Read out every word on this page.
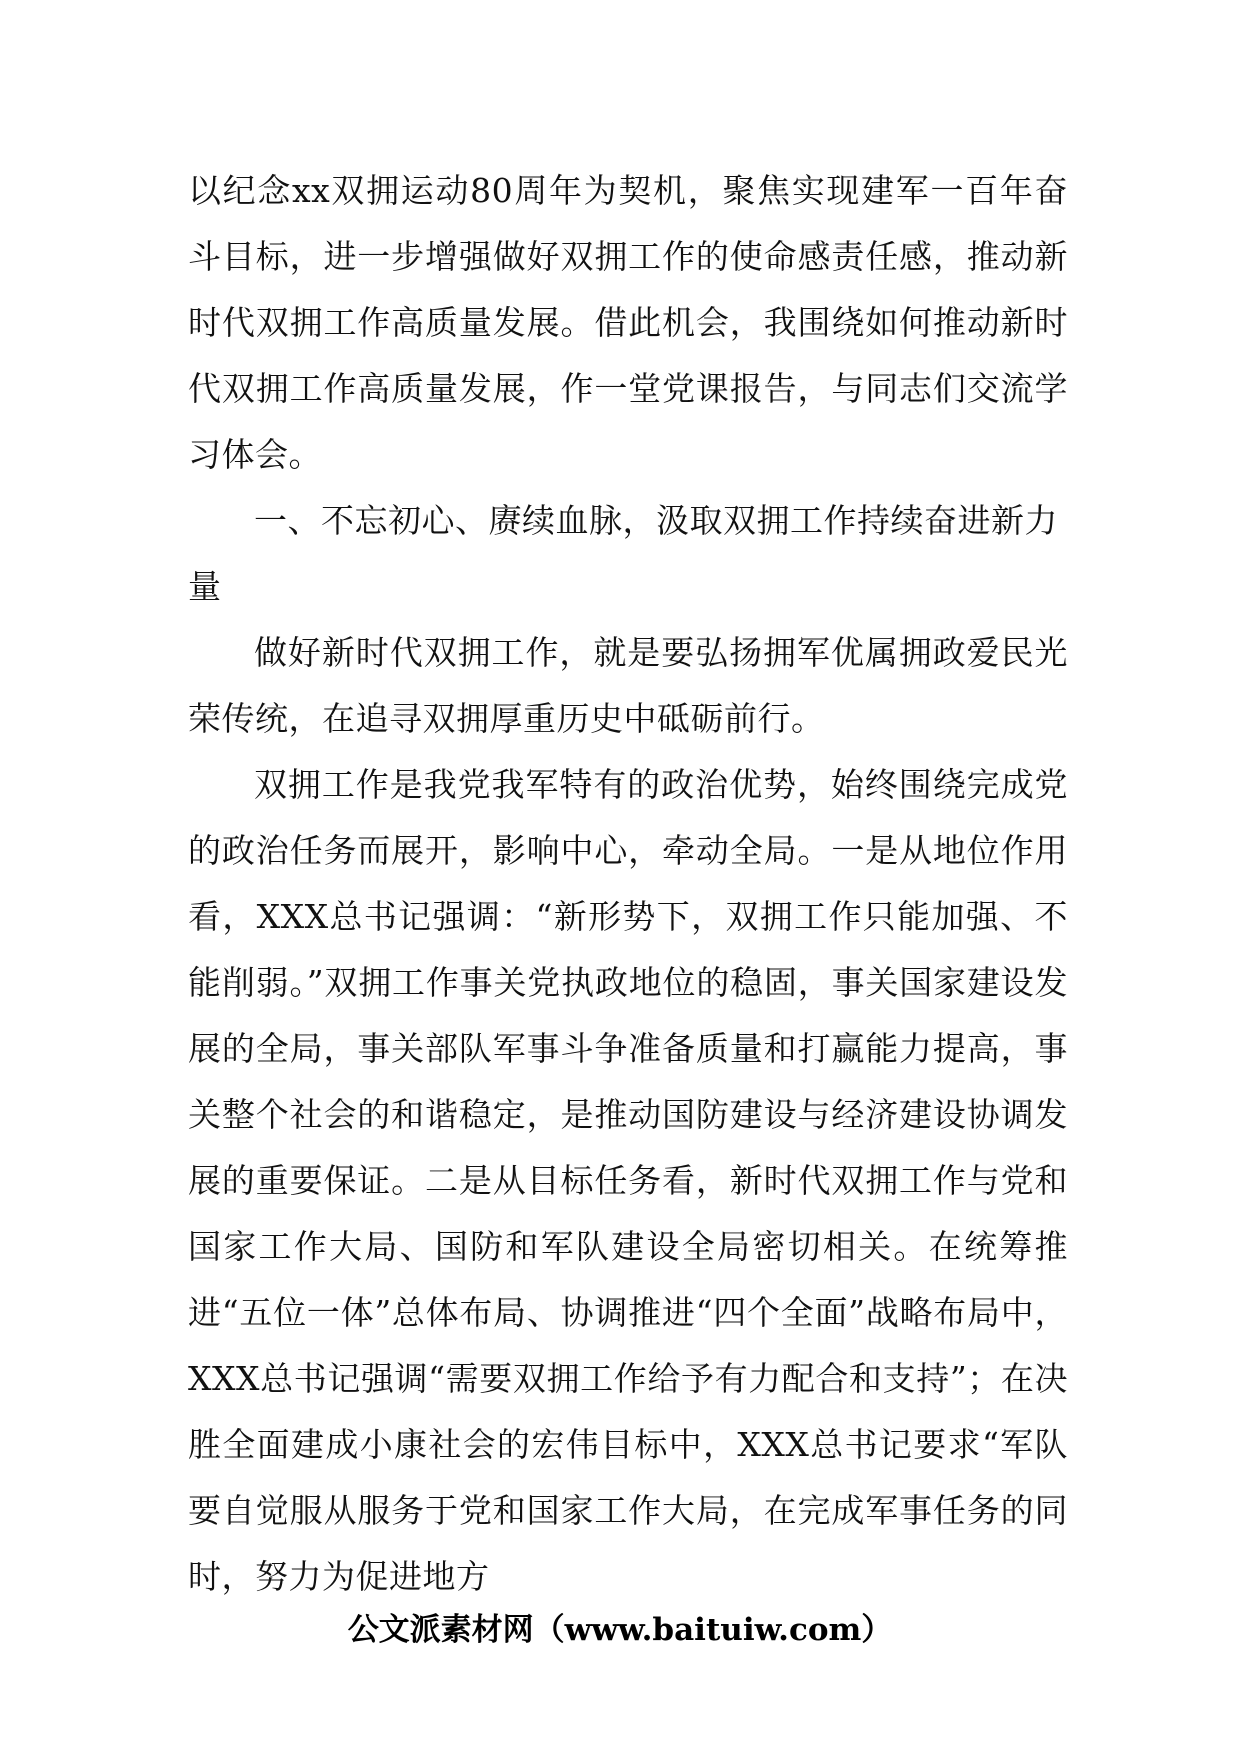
以纪念xx双拥运动80周年为契机，聚焦实现建军一百年奋斗目标，进一步增强做好双拥工作的使命感责任感，推动新时代双拥工作高质量发展。借此机会，我围绕如何推动新时代双拥工作高质量发展，作一堂党课报告，与同志们交流学习体会。

一、不忘初心、赓续血脉，汲取双拥工作持续奋进新力量

做好新时代双拥工作，就是要弘扬拥军优属拥政爱民光荣传统，在追寻双拥厚重历史中砥砺前行。

双拥工作是我党我军特有的政治优势，始终围绕完成党的政治任务而展开，影响中心，牵动全局。一是从地位作用看，XXX总书记强调：“新形势下，双拥工作只能加强、不能削弱。”双拥工作事关党执政地位的稳固，事关国家建设发展的全局，事关部队军事斗争准备质量和打赢能力提高，事关整个社会的和谐稳定，是推动国防建设与经济建设协调发展的重要保证。二是从目标任务看，新时代双拥工作与党和国家工作大局、国防和军队建设全局密切相关。在统筹推进“五位一体”总体布局、协调推进“四个全面”战略布局中，XXX总书记强调“需要双拥工作给予有力配合和支持”；在决胜全面建成小康社会的宏伟目标中，XXX总书记要求“军队要自觉服从服务于党和国家工作大局，在完成军事任务的同时，努力为促进地方

公文派素材网（www.baituiw.com）
